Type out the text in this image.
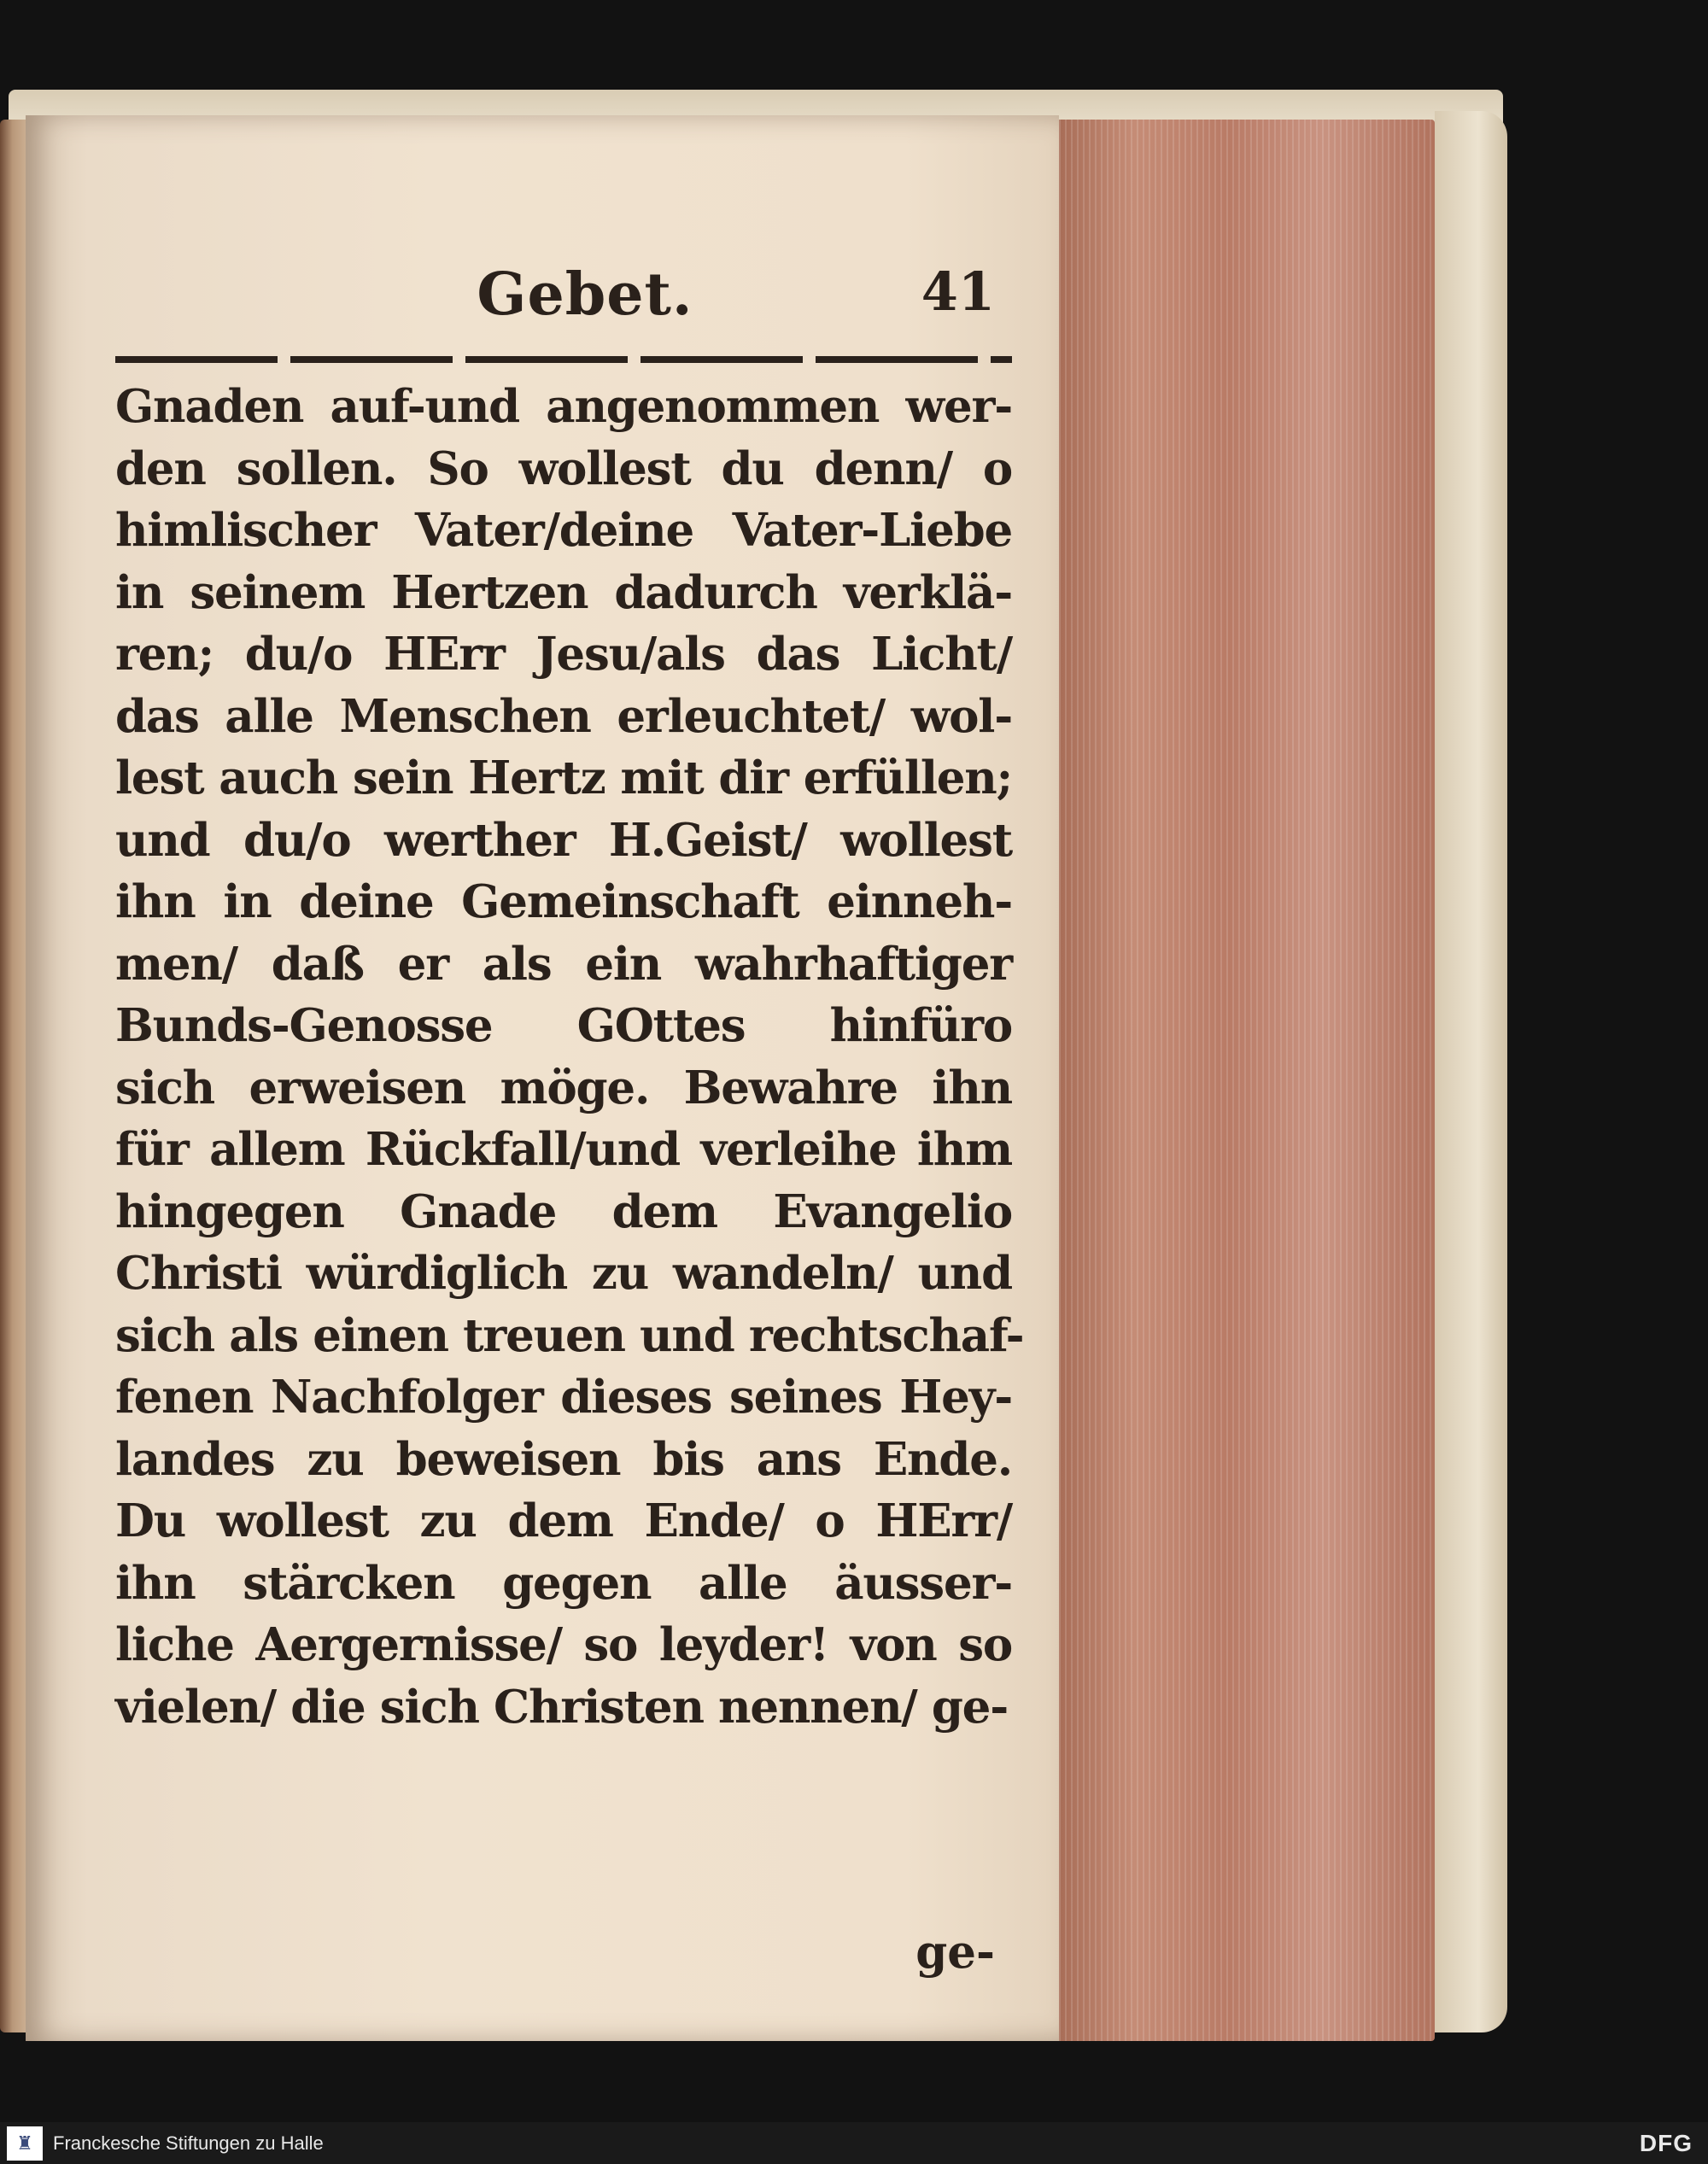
Gebet.	41
Gnaden auf-und angenommen wer-
den sollen. So wollest du denn/ o
himlischer Vater/deine Vater-Liebe
in seinem Hertzen dadurch verklä-
ren; du/o HErr Jesu/als das Licht/
das alle Menschen erleuchtet/ wol-
lest auch sein Hertz mit dir erfüllen;
und du/o werther H.Geist/ wollest
ihn in deine Gemeinschaft einneh-
men/ daß er als ein wahrhaftiger
Bunds-Genosse GOttes hinfüro
sich erweisen möge. Bewahre ihn
für allem Rückfall/und verleihe ihm
hingegen Gnade dem Evangelio
Christi würdiglich zu wandeln/ und
sich als einen treuen und rechtschaf-
fenen Nachfolger dieses seines Hey-
landes zu beweisen bis ans Ende.
Du wollest zu dem Ende/ o HErr/
ihn stärcken gegen alle äusser-
liche Aergernisse/ so leyder! von so
vielen/ die sich Christen nennen/ ge-
ge-
♜	Franckesche Stiftungen zu Halle	DFG
